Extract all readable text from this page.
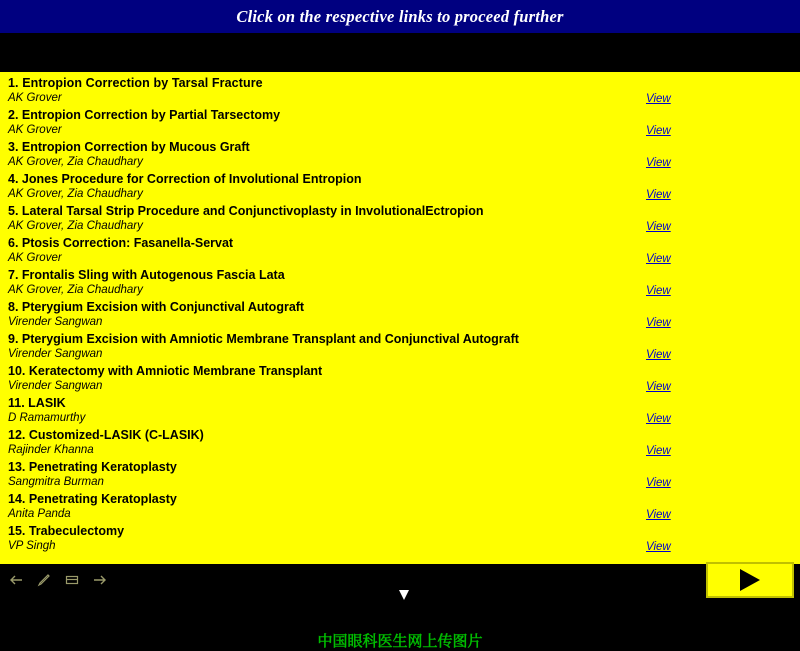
Click on the respective links to proceed further
1. Entropion Correction by Tarsal Fracture
AK Grover	View
2. Entropion Correction by Partial Tarsectomy
AK Grover	View
3. Entropion Correction by Mucous Graft
AK Grover, Zia Chaudhary	View
4. Jones Procedure for Correction of Involutional Entropion
AK Grover, Zia Chaudhary	View
5. Lateral Tarsal Strip Procedure and Conjunctivoplasty in InvolutionalEctropion
AK Grover, Zia Chaudhary	View
6. Ptosis Correction: Fasanella-Servat
AK Grover	View
7. Frontalis Sling with Autogenous Fascia Lata
AK Grover, Zia Chaudhary	View
8. Pterygium Excision with Conjunctival Autograft
Virender Sangwan	View
9. Pterygium Excision with Amniotic Membrane Transplant and Conjunctival Autograft
Virender Sangwan	View
10. Keratectomy with Amniotic Membrane Transplant
Virender Sangwan	View
11. LASIK
D Ramamurthy	View
12. Customized-LASIK (C-LASIK)
Rajinder Khanna	View
13. Penetrating Keratoplasty
Sangmitra Burman	View
14. Penetrating Keratoplasty
Anita Panda	View
15. Trabeculectomy
VP Singh	View
中国眼科医生网上传图片
